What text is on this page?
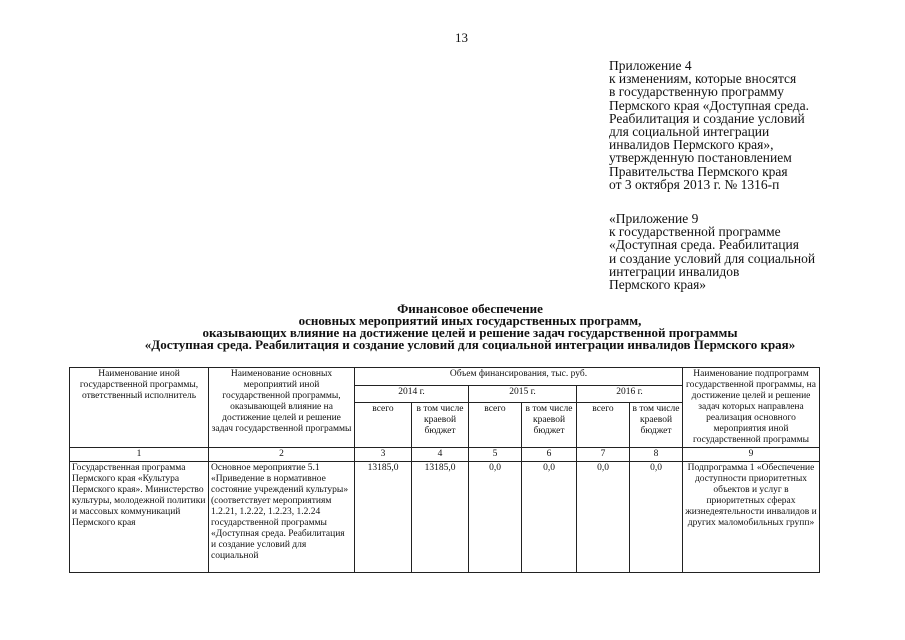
13
Приложение 4
к изменениям, которые вносятся
в государственную программу
Пермского края «Доступная среда.
Реабилитация и создание условий
для социальной интеграции
инвалидов Пермского края»,
утвержденную постановлением
Правительства Пермского края
от 3 октября 2013 г. № 1316-п
«Приложение 9
к государственной программе
«Доступная среда. Реабилитация
и создание условий для социальной
интеграции инвалидов
Пермского края»
Финансовое обеспечение
основных мероприятий иных государственных программ,
оказывающих влияние на достижение целей и решение задач государственной программы
«Доступная среда. Реабилитация и создание условий для социальной интеграции инвалидов Пермского края»
Наименование иной государственной программы, ответственный исполнитель	Наименование основных мероприятий иной государственной программы, оказывающей влияние на достижение целей и решение задач государственной программы	Объем финансирования, тыс. руб.						Наименование подпрограмм государственной программы, на достижение целей и решение задач которых направлена реализация основного мероприятия иной государственной программы
		2014 г.		2015 г.		2016 г.		
		всего	в том числе краевой бюджет	всего	в том числе краевой бюджет	всего	в том числе краевой бюджет	
1	2	3	4	5	6	7	8	9
Государственная программа Пермского края «Культура Пермского края». Министерство культуры, молодежной политики и массовых коммуникаций Пермского края	Основное мероприятие 5.1 «Приведение в нормативное состояние учреждений культуры» (соответствует мероприятиям 1.2.21, 1.2.22, 1.2.23, 1.2.24 государственной программы «Доступная среда. Реабилитация и создание условий для социальной	13185,0	13185,0	0,0	0,0	0,0	0,0	Подпрограмма 1 «Обеспечение доступности приоритетных объектов и услуг в приоритетных сферах жизнедеятельности инвалидов и других маломобильных групп»
